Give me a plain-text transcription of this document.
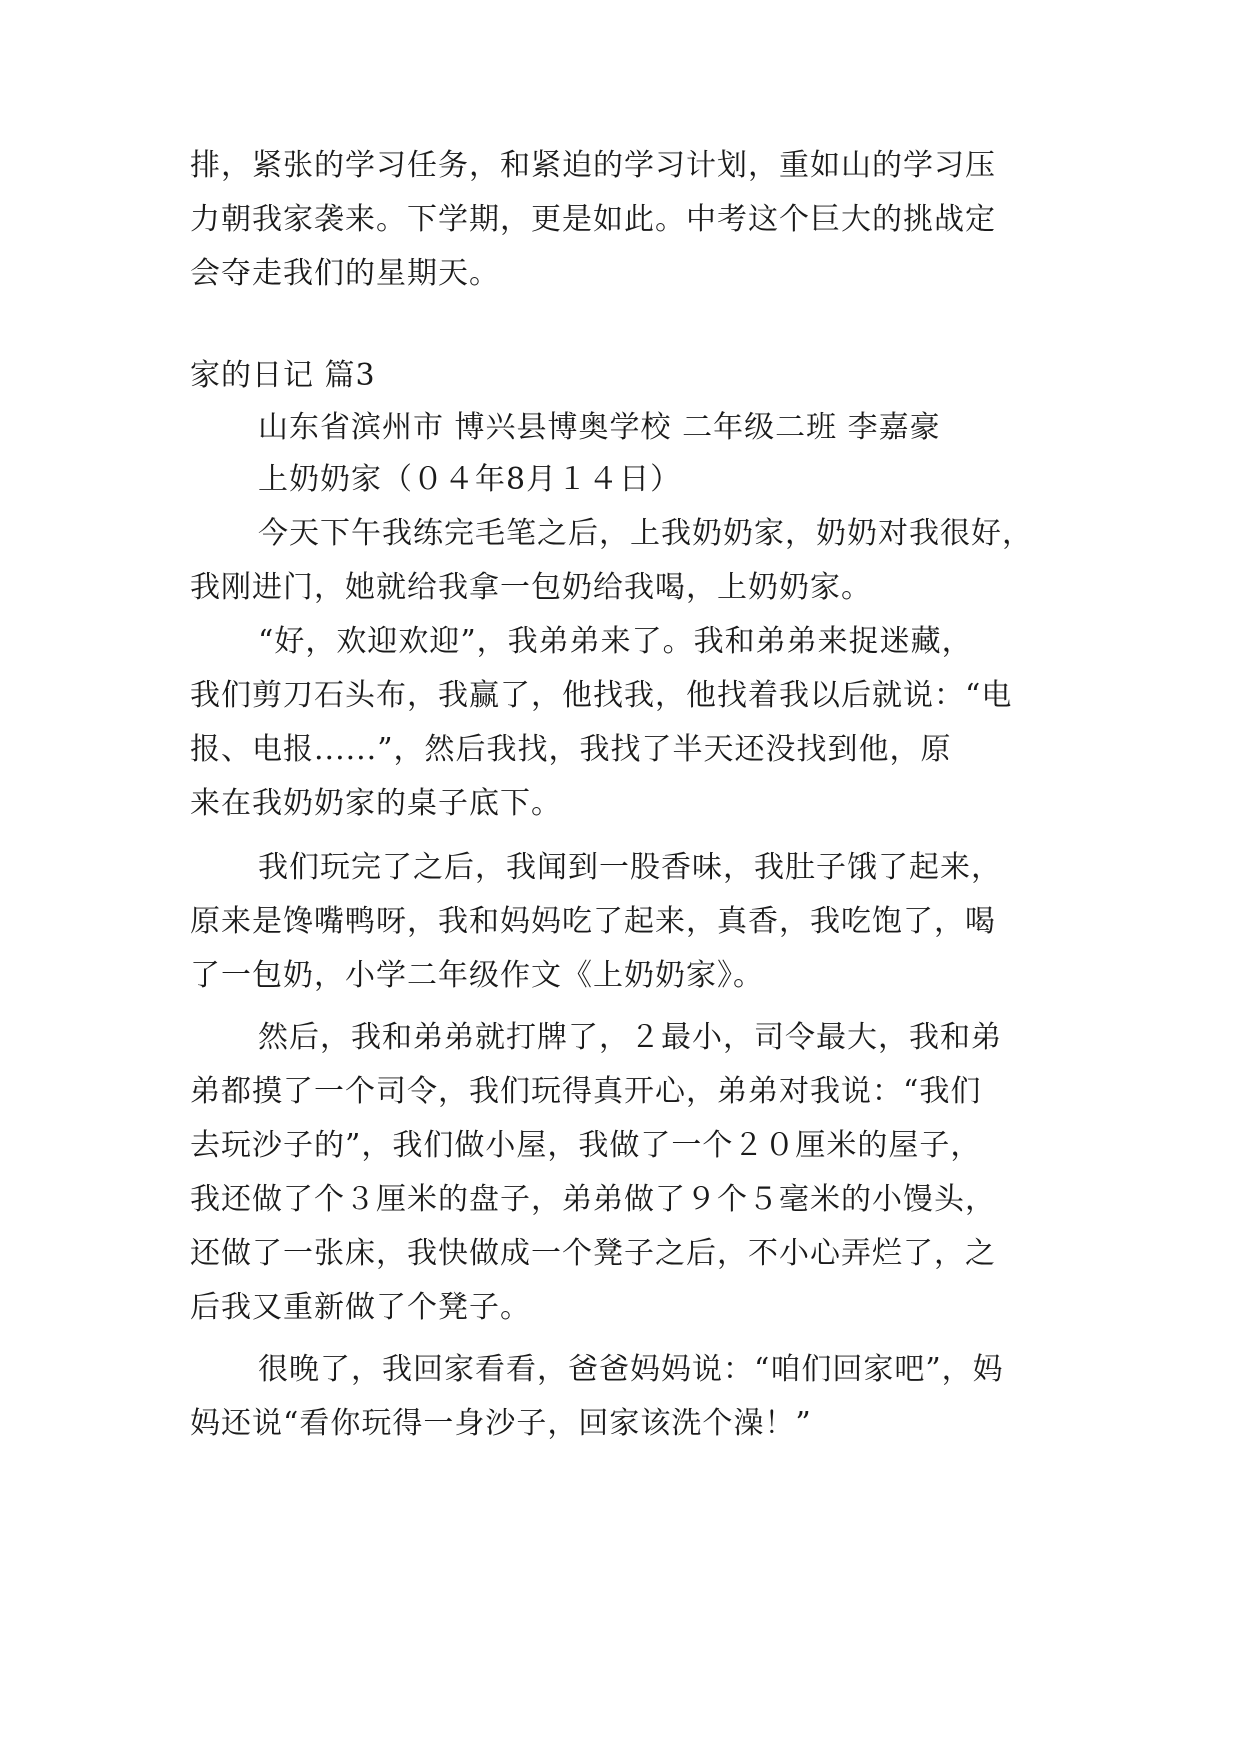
排，紧张的学习任务，和紧迫的学习计划，重如山的学习压
力朝我家袭来。下学期，更是如此。中考这个巨大的挑战定
会夺走我们的星期天。
家的日记 篇3
山东省滨州市 博兴县博奥学校 二年级二班 李嘉豪
上奶奶家（０４年8月１４日）
今天下午我练完毛笔之后，上我奶奶家，奶奶对我很好，
我刚进门，她就给我拿一包奶给我喝，上奶奶家。
“好，欢迎欢迎”，我弟弟来了。我和弟弟来捉迷藏，
我们剪刀石头布，我赢了，他找我，他找着我以后就说：“电
报、电报......”，然后我找，我找了半天还没找到他，原
来在我奶奶家的桌子底下。
我们玩完了之后，我闻到一股香味，我肚子饿了起来，
原来是馋嘴鸭呀，我和妈妈吃了起来，真香，我吃饱了，喝
了一包奶，小学二年级作文《上奶奶家》。
然后，我和弟弟就打牌了，２最小，司令最大，我和弟
弟都摸了一个司令，我们玩得真开心，弟弟对我说：“我们
去玩沙子的”，我们做小屋，我做了一个２０厘米的屋子，
我还做了个３厘米的盘子，弟弟做了９个５毫米的小馒头，
还做了一张床，我快做成一个凳子之后，不小心弄烂了，之
后我又重新做了个凳子。
很晚了，我回家看看，爸爸妈妈说：“咱们回家吧”，妈
妈还说“看你玩得一身沙子，回家该洗个澡！”
